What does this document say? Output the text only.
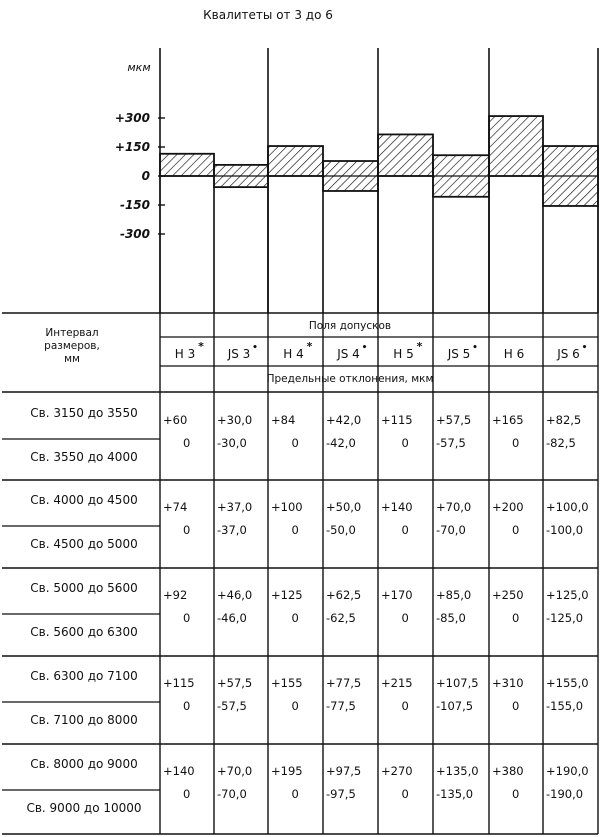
Квалитеты от 3 до 6
мкм
+300
+150
0
-150
-300
Интервал
размеров,
мм
Поля допусков
Предельные отклонения, мкм
H 3
*
JS 3 • H 4
*
JS 4 • H 5
*
JS 5 • H 6	JS 6 •
Св. 3150 до 3550
Св. 3550 до 4000
+60
0
+30,0
-30,0
+84
0
+42,0
-42,0
+115
0
+57,5
-57,5
+165
0
+82,5
-82,5
Св. 4000 до 4500
Св. 4500 до 5000
+74
0
+37,0
-37,0
+100
0
+50,0
-50,0
+140
0
+70,0
-70,0
+200
0
+100,0
-100,0
Св. 5000 до 5600
Св. 5600 до 6300
+92
0
+46,0
-46,0
+125
0
+62,5
-62,5
+170
0
+85,0
-85,0
+250
0
+125,0
-125,0
Св. 6300 до 7100
Св. 7100 до 8000
+115
0
+57,5
-57,5
+155
0
+77,5
-77,5
+215
0
+107,5
-107,5
+310
0
+155,0
-155,0
Св. 8000 до 9000
Св. 9000 до 10000
+140
0
+70,0
-70,0
+195
0
+97,5
-97,5
+270
0
+135,0
-135,0
+380
0
+190,0
-190,0
